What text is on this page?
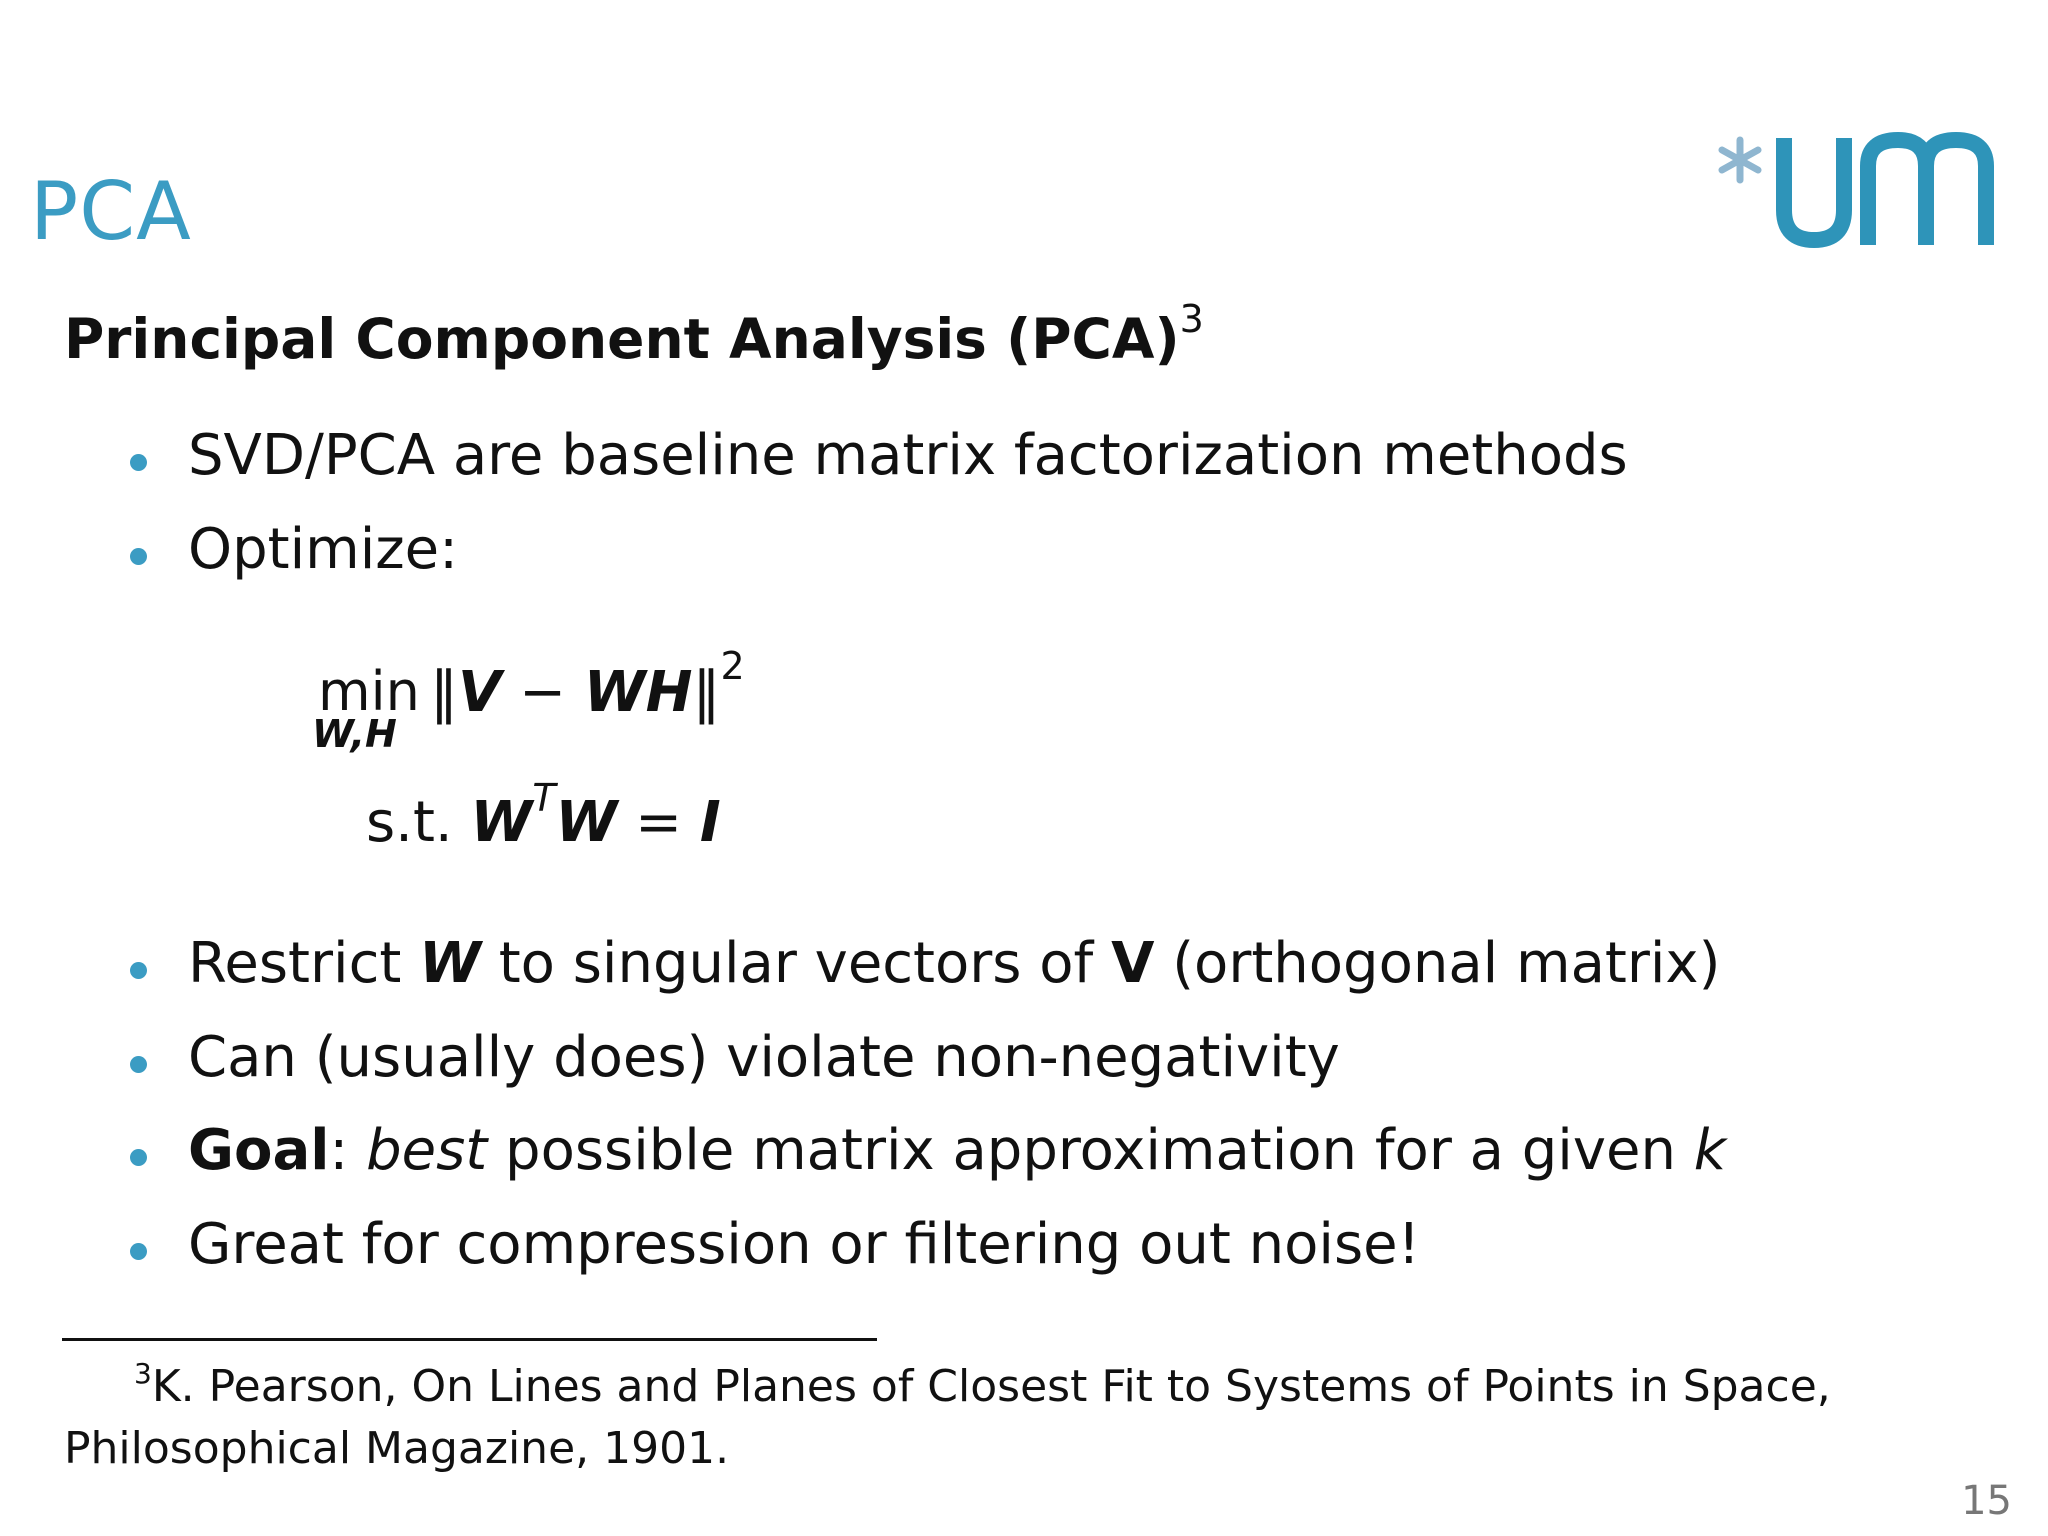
PCA
Principal Component Analysis (PCA)$^3$
SVD/PCA are baseline matrix factorization methods
Optimize:
min
W,H
‖V − WH‖$^2$
s.t. $W^TW = I$
Restrict W to singular vectors of V (orthogonal matrix)
Can (usually does) violate non-negativity
Goal: best possible matrix approximation for a given k
Great for compression or filtering out noise!
$^3$K. Pearson, On Lines and Planes of Closest Fit to Systems of Points in Space,
Philosophical Magazine, 1901.
15
